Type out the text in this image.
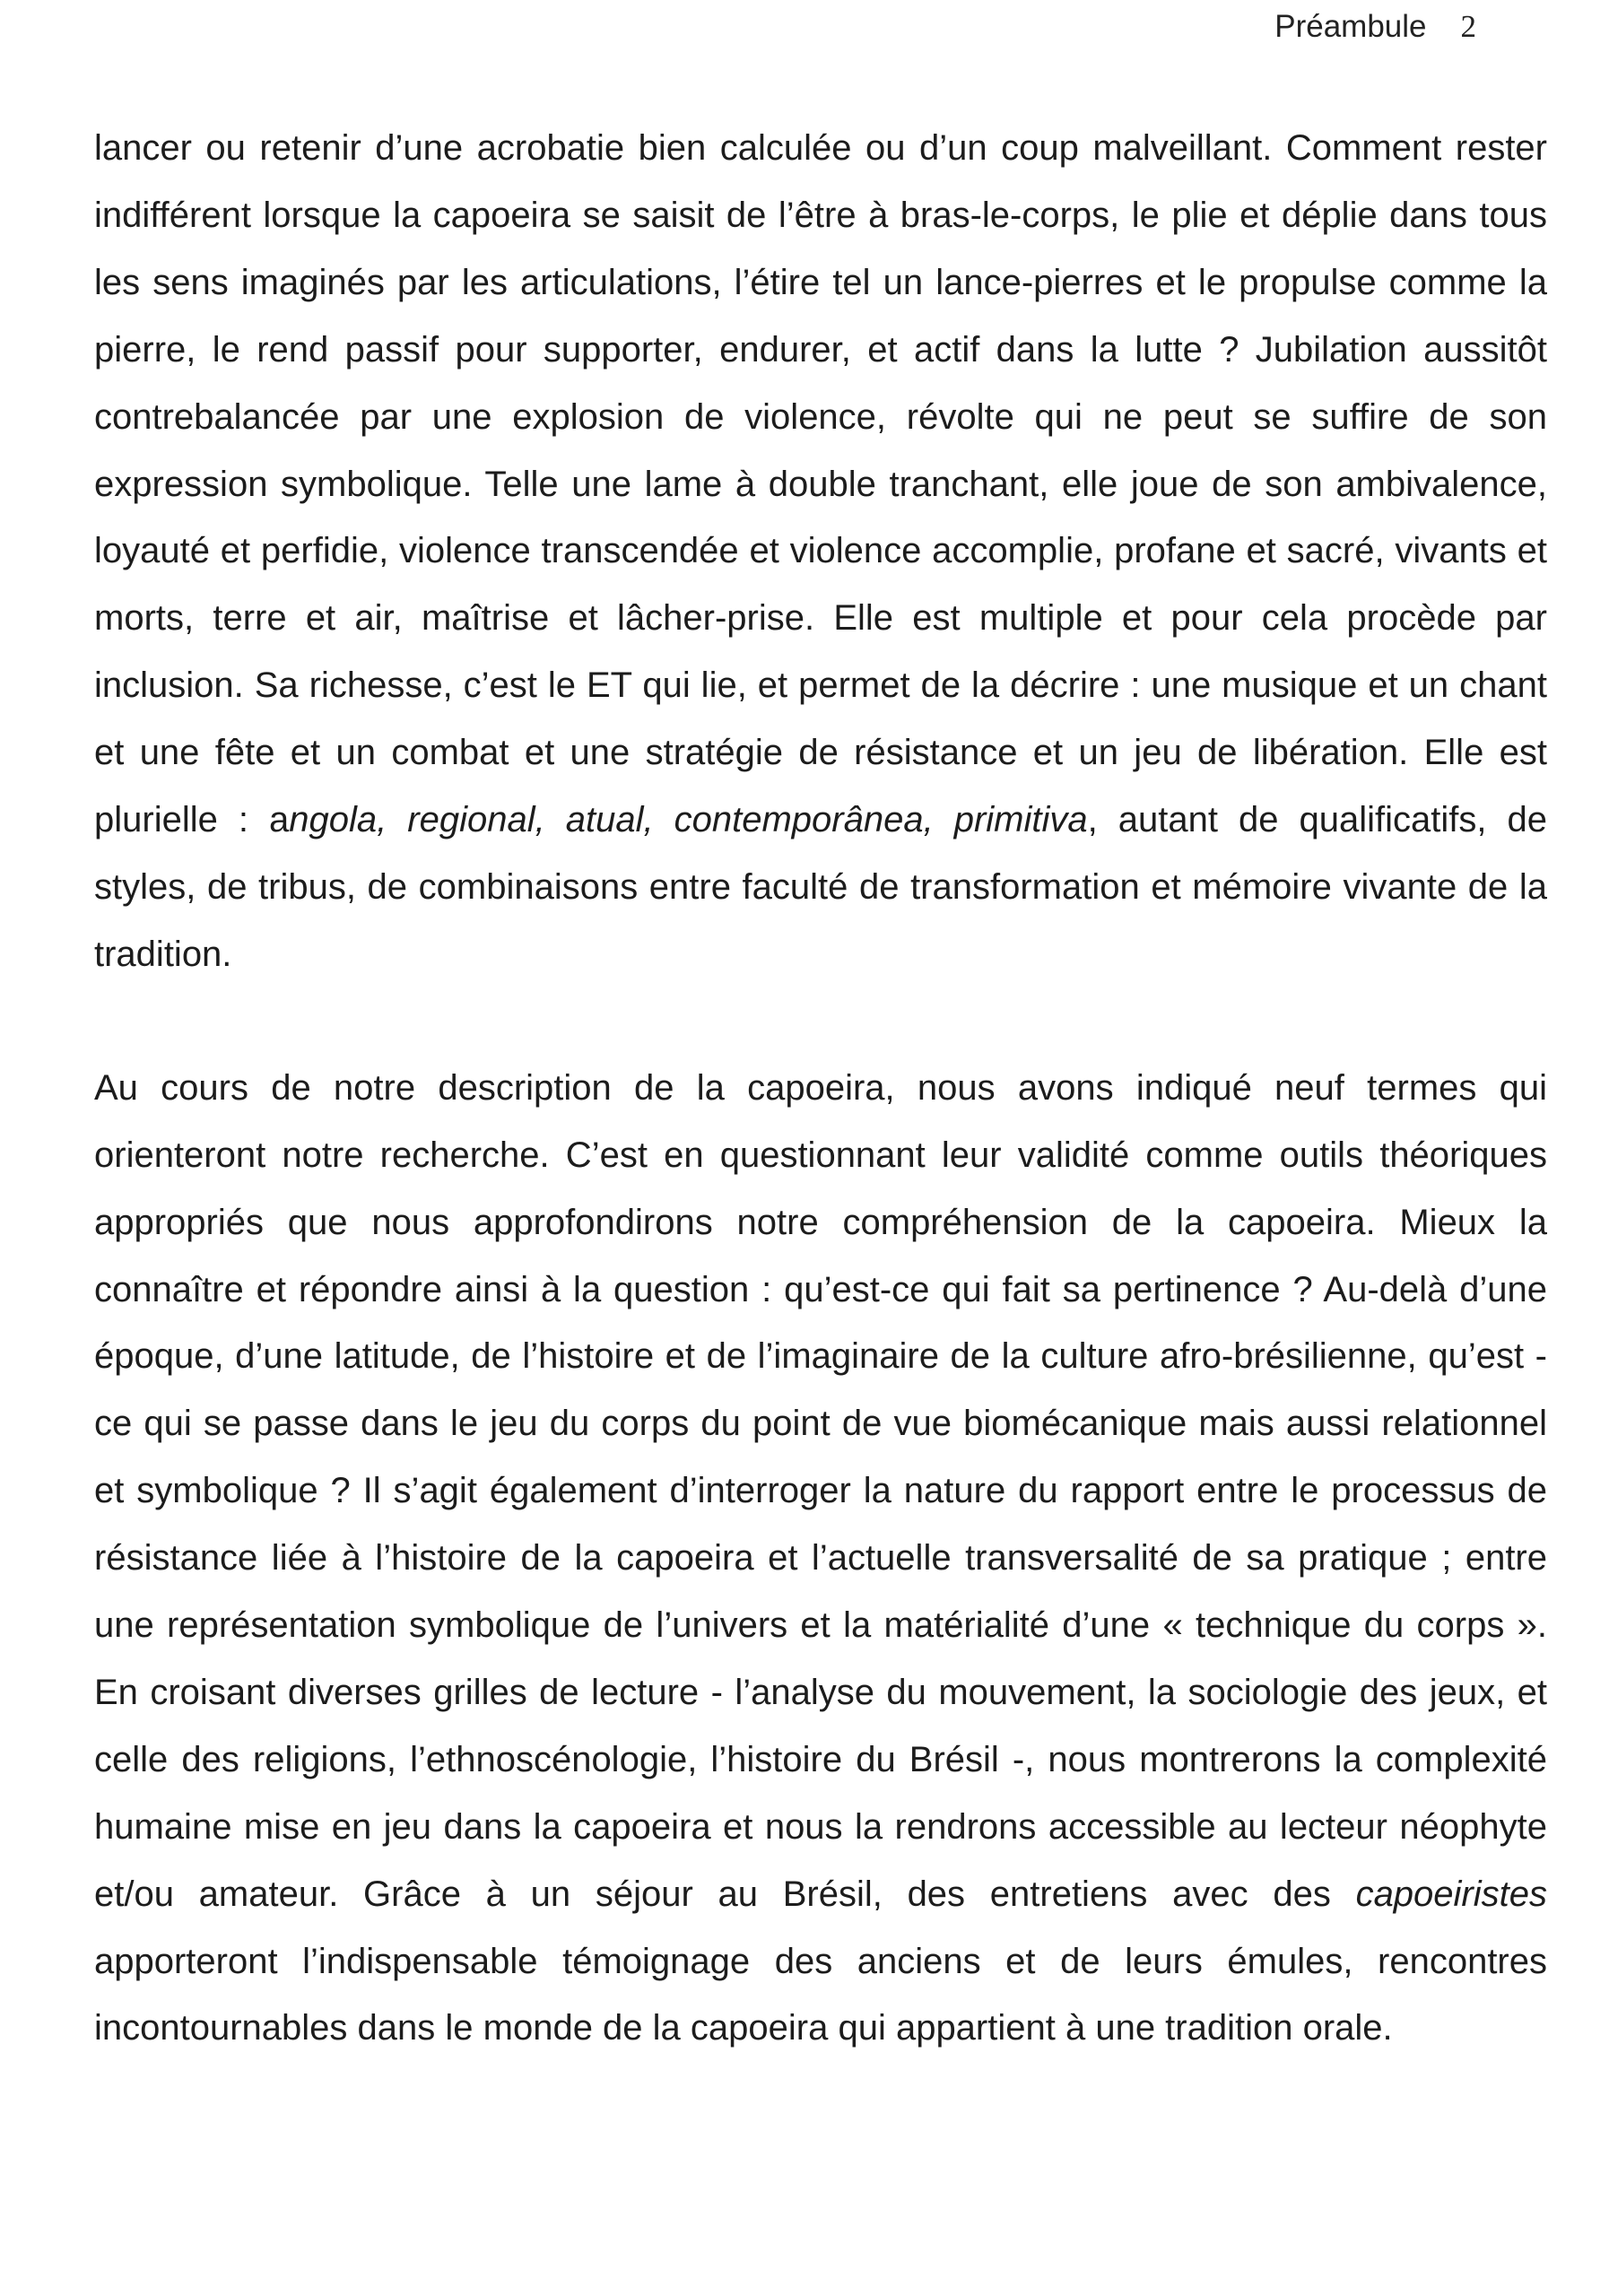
Préambule 2

lancer ou retenir d’une acrobatie bien calculée ou d’un coup malveillant. Comment rester indifférent lorsque la capoeira se saisit de l’être à bras-le-corps, le plie et déplie dans tous les sens imaginés par les articulations, l’étire tel un lance-pierres et le propulse comme la pierre, le rend passif pour supporter, endurer, et actif dans la lutte ? Jubilation aussitôt contrebalancée par une explosion de violence, révolte qui ne peut se suffire de son expression symbolique. Telle une lame à double tranchant, elle joue de son ambivalence, loyauté et perfidie, violence transcendée et violence accomplie, profane et sacré, vivants et morts, terre et air, maîtrise et lâcher-prise. Elle est multiple et pour cela procède par inclusion. Sa richesse, c’est le ET qui lie, et permet de la décrire : une musique et un chant et une fête et un combat et une stratégie de résistance et un jeu de libération. Elle est plurielle : angola, regional, atual, contemporânea, primitiva, autant de qualificatifs, de styles, de tribus, de combinaisons entre faculté de transformation et mémoire vivante de la tradition.

Au cours de notre description de la capoeira, nous avons indiqué neuf termes qui orienteront notre recherche. C’est en questionnant leur validité comme outils théoriques appropriés que nous approfondirons notre compréhension de la capoeira. Mieux la connaître et répondre ainsi à la question : qu’est-ce qui fait sa pertinence ? Au-delà d’une époque, d’une latitude, de l’histoire et de l’imaginaire de la culture afro-brésilienne, qu’est - ce qui se passe dans le jeu du corps du point de vue biomécanique mais aussi relationnel et symbolique ? Il s’agit également d’interroger la nature du rapport entre le processus de résistance liée à l’histoire de la capoeira et l’actuelle transversalité de sa pratique ; entre une représentation symbolique de l’univers et la matérialité d’une « technique du corps ». En croisant diverses grilles de lecture - l’analyse du mouvement, la sociologie des jeux, et celle des religions, l’ethnoscénologie, l’histoire du Brésil -, nous montrerons la complexité humaine mise en jeu dans la capoeira et nous la rendrons accessible au lecteur néophyte et/ou amateur. Grâce à un séjour au Brésil, des entretiens avec des capoeiristes apporteront l’indispensable témoignage des anciens et de leurs émules, rencontres incontournables dans le monde de la capoeira qui appartient à une tradition orale.
